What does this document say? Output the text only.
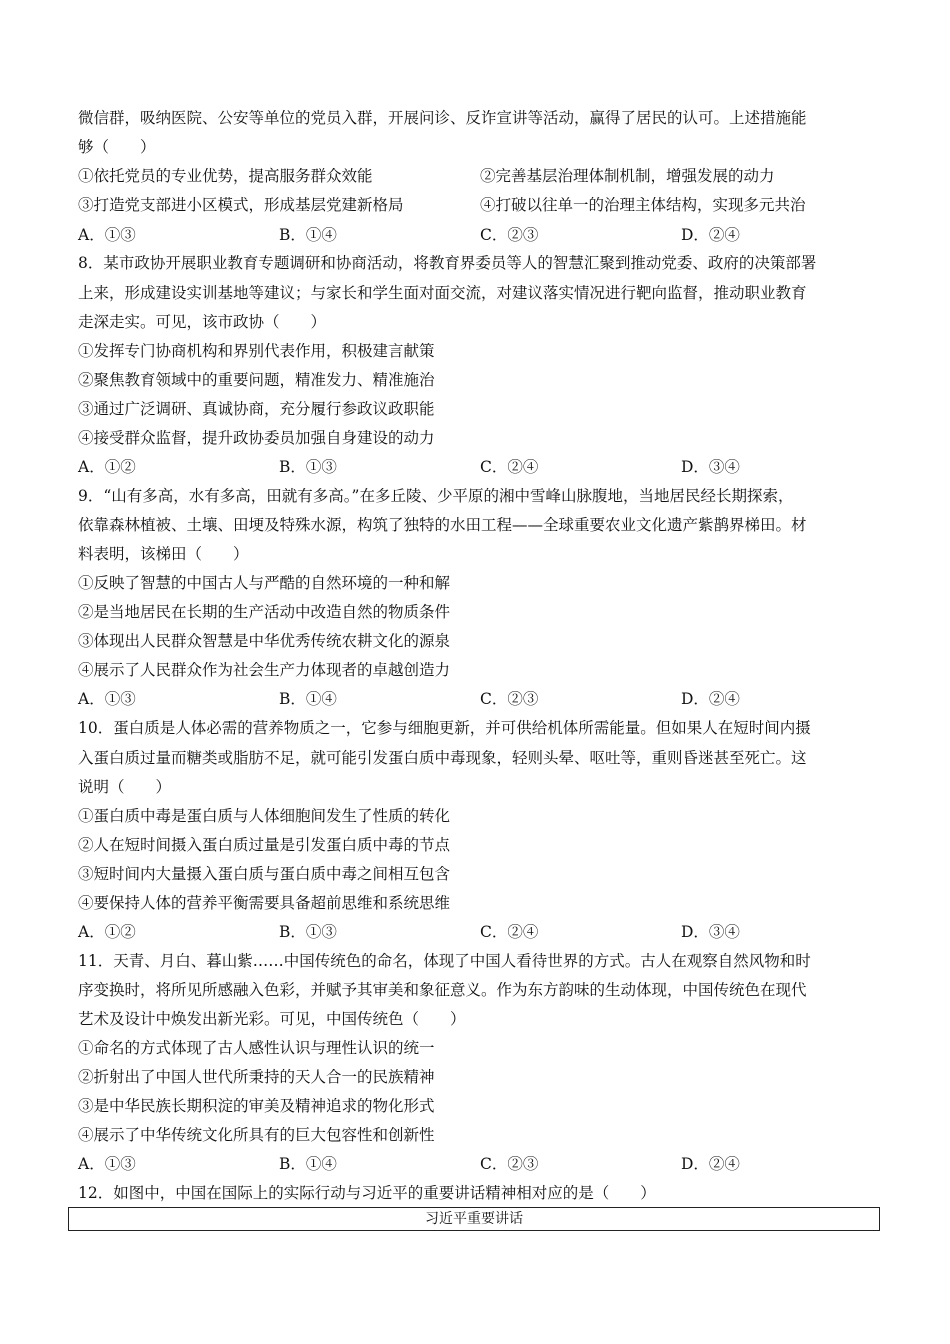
微信群，吸纳医院、公安等单位的党员入群，开展问诊、反诈宣讲等活动，赢得了居民的认可。上述措施能
够（　　）
①依托党员的专业优势，提高服务群众效能	②完善基层治理体制机制，增强发展的动力
③打造党支部进小区模式，形成基层党建新格局	④打破以往单一的治理主体结构，实现多元共治
A．①③	B．①④	C．②③	D．②④
8．某市政协开展职业教育专题调研和协商活动，将教育界委员等人的智慧汇聚到推动党委、政府的决策部署
上来，形成建设实训基地等建议；与家长和学生面对面交流，对建议落实情况进行靶向监督，推动职业教育
走深走实。可见，该市政协（　　）
①发挥专门协商机构和界别代表作用，积极建言献策
②聚焦教育领域中的重要问题，精准发力、精准施治
③通过广泛调研、真诚协商，充分履行参政议政职能
④接受群众监督，提升政协委员加强自身建设的动力
A．①②	B．①③	C．②④	D．③④
9．“山有多高，水有多高，田就有多高。”在多丘陵、少平原的湘中雪峰山脉腹地，当地居民经长期探索，
依靠森林植被、土壤、田埂及特殊水源，构筑了独特的水田工程——全球重要农业文化遗产紫鹊界梯田。材
料表明，该梯田（　　）
①反映了智慧的中国古人与严酷的自然环境的一种和解
②是当地居民在长期的生产活动中改造自然的物质条件
③体现出人民群众智慧是中华优秀传统农耕文化的源泉
④展示了人民群众作为社会生产力体现者的卓越创造力
A．①③	B．①④	C．②③	D．②④
10．蛋白质是人体必需的营养物质之一，它参与细胞更新，并可供给机体所需能量。但如果人在短时间内摄
入蛋白质过量而糖类或脂肪不足，就可能引发蛋白质中毒现象，轻则头晕、呕吐等，重则昏迷甚至死亡。这
说明（　　）
①蛋白质中毒是蛋白质与人体细胞间发生了性质的转化
②人在短时间摄入蛋白质过量是引发蛋白质中毒的节点
③短时间内大量摄入蛋白质与蛋白质中毒之间相互包含
④要保持人体的营养平衡需要具备超前思维和系统思维
A．①②	B．①③	C．②④	D．③④
11．天青、月白、暮山紫……中国传统色的命名，体现了中国人看待世界的方式。古人在观察自然风物和时
序变换时，将所见所感融入色彩，并赋予其审美和象征意义。作为东方韵味的生动体现，中国传统色在现代
艺术及设计中焕发出新光彩。可见，中国传统色（　　）
①命名的方式体现了古人感性认识与理性认识的统一
②折射出了中国人世代所秉持的天人合一的民族精神
③是中华民族长期积淀的审美及精神追求的物化形式
④展示了中华传统文化所具有的巨大包容性和创新性
A．①③	B．①④	C．②③	D．②④
12．如图中，中国在国际上的实际行动与习近平的重要讲话精神相对应的是（　　）
习近平重要讲话
